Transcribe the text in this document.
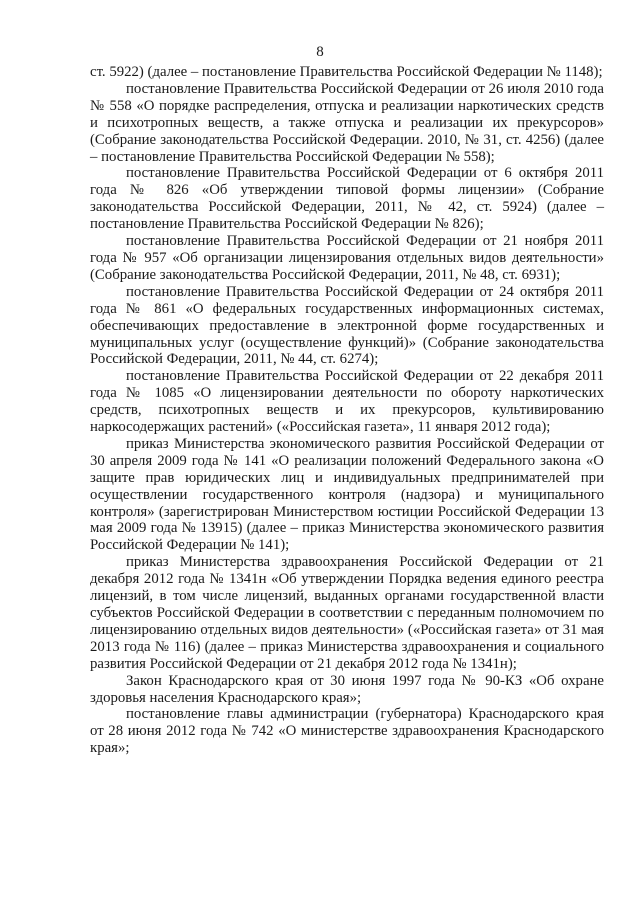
8

ст. 5922) (далее – постановление Правительства Российской Федерации № 1148);

постановление Правительства Российской Федерации от 26 июля 2010 года № 558 «О порядке распределения, отпуска и реализации наркотических средств и психотропных веществ, а также отпуска и реализации их прекурсоров» (Собрание законодательства Российской Федерации. 2010, № 31, ст. 4256) (далее – постановление Правительства Российской Федерации № 558);

постановление Правительства Российской Федерации от 6 октября 2011 года № 826 «Об утверждении типовой формы лицензии» (Собрание законодательства Российской Федерации, 2011, № 42, ст. 5924) (далее – постановление Правительства Российской Федерации № 826);

постановление Правительства Российской Федерации от 21 ноября 2011 года № 957 «Об организации лицензирования отдельных видов деятельности» (Собрание законодательства Российской Федерации, 2011, № 48, ст. 6931);

постановление Правительства Российской Федерации от 24 октября 2011 года № 861 «О федеральных государственных информационных системах, обеспечивающих предоставление в электронной форме государственных и муниципальных услуг (осуществление функций)» (Собрание законодательства Российской Федерации, 2011, № 44, ст. 6274);

постановление Правительства Российской Федерации от 22 декабря 2011 года № 1085 «О лицензировании деятельности по обороту наркотических средств, психотропных веществ и их прекурсоров, культивированию наркосодержащих растений» («Российская газета», 11 января 2012 года);

приказ Министерства экономического развития Российской Федерации от 30 апреля 2009 года № 141 «О реализации положений Федерального закона «О защите прав юридических лиц и индивидуальных предпринимателей при осуществлении государственного контроля (надзора) и муниципального контроля» (зарегистрирован Министерством юстиции Российской Федерации 13 мая 2009 года № 13915) (далее – приказ Министерства экономического развития Российской Федерации № 141);

приказ Министерства здравоохранения Российской Федерации от 21 декабря 2012 года № 1341н «Об утверждении Порядка ведения единого реестра лицензий, в том числе лицензий, выданных органами государственной власти субъектов Российской Федерации в соответствии с переданным полномочием по лицензированию отдельных видов деятельности» («Российская газета» от 31 мая 2013 года № 116) (далее – приказ Министерства здравоохранения и социального развития Российской Федерации от 21 декабря 2012 года № 1341н);

Закон Краснодарского края от 30 июня 1997 года № 90-КЗ «Об охране здоровья населения Краснодарского края»;

постановление главы администрации (губернатора) Краснодарского края от 28 июня 2012 года № 742 «О министерстве здравоохранения Краснодарского края»;
